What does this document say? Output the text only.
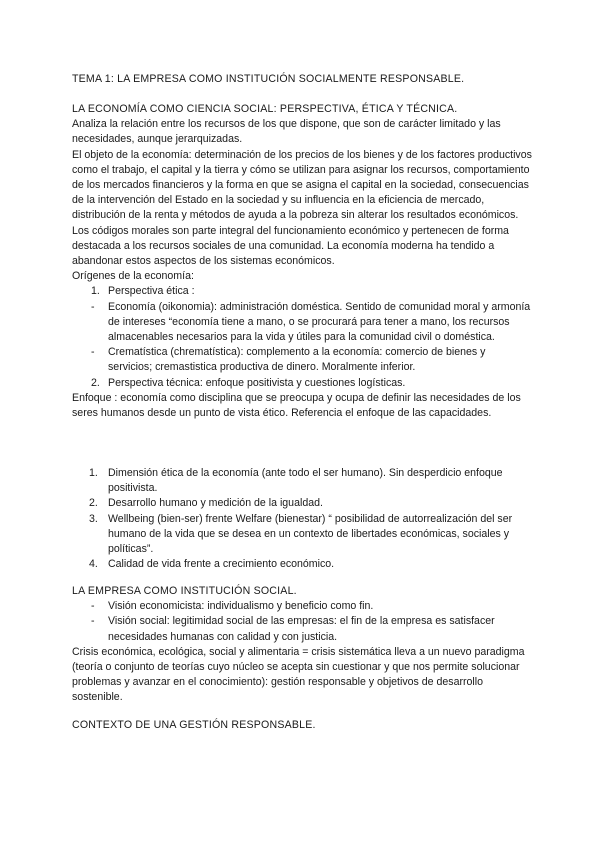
TEMA 1: LA EMPRESA COMO INSTITUCIÓN SOCIALMENTE RESPONSABLE.
LA ECONOMÍA COMO CIENCIA SOCIAL: PERSPECTIVA, ÉTICA Y TÉCNICA.

Analiza la relación entre los recursos de los que dispone, que son de carácter limitado y las necesidades, aunque jerarquizadas.

El objeto de la economía: determinación de los precios de los bienes y de los factores productivos como el trabajo, el capital y la tierra y cómo se utilizan para asignar los recursos, comportamiento de los mercados financieros y la forma en que se asigna el capital en la sociedad, consecuencias de la intervención del Estado en la sociedad y su influencia en la eficiencia de mercado, distribución de la renta y métodos de ayuda a la pobreza sin alterar los resultados económicos.

Los códigos morales son parte integral del funcionamiento económico y pertenecen de forma destacada a los recursos sociales de una comunidad. La economía moderna ha tendido a abandonar estos aspectos de los sistemas económicos.

Orígenes de la economía:

1. Perspectiva ética :
- Economía (oikonomia): administración doméstica. Sentido de comunidad moral y armonía de intereses “economía tiene a mano, o se procurará para tener a mano, los recursos almacenables necesarios para la vida y útiles para la comunidad civil o doméstica.
- Crematística (chrematística): complemento a la economía: comercio de bienes y servicios; cremastistica productiva de dinero. Moralmente inferior.
2. Perspectiva técnica: enfoque positivista y cuestiones logísticas.

Enfoque : economía como disciplina que se preocupa y ocupa de definir las necesidades de los seres humanos desde un punto de vista ético. Referencia el enfoque de las capacidades.

1. Dimensión ética de la economía (ante todo el ser humano). Sin desperdicio enfoque positivista.
2. Desarrollo humano y medición de la igualdad.
3. Wellbeing (bien-ser) frente Welfare (bienestar) “ posibilidad de autorrealización del ser humano de la vida que se desea en un contexto de libertades económicas, sociales y políticas”.
4. Calidad de vida frente a crecimiento económico.
LA EMPRESA COMO INSTITUCIÓN SOCIAL.
- Visión economicista: individualismo y beneficio como fin.
- Visión social: legitimidad social de las empresas: el fin de la empresa es satisfacer necesidades humanas con calidad y con justicia.

Crisis económica, ecológica, social y alimentaria = crisis sistemática lleva a un nuevo paradigma (teoría o conjunto de teorías cuyo núcleo se acepta sin cuestionar y que nos permite solucionar problemas y avanzar en el conocimiento): gestión responsable y objetivos de desarrollo sostenible.

CONTEXTO DE UNA GESTIÓN RESPONSABLE.
